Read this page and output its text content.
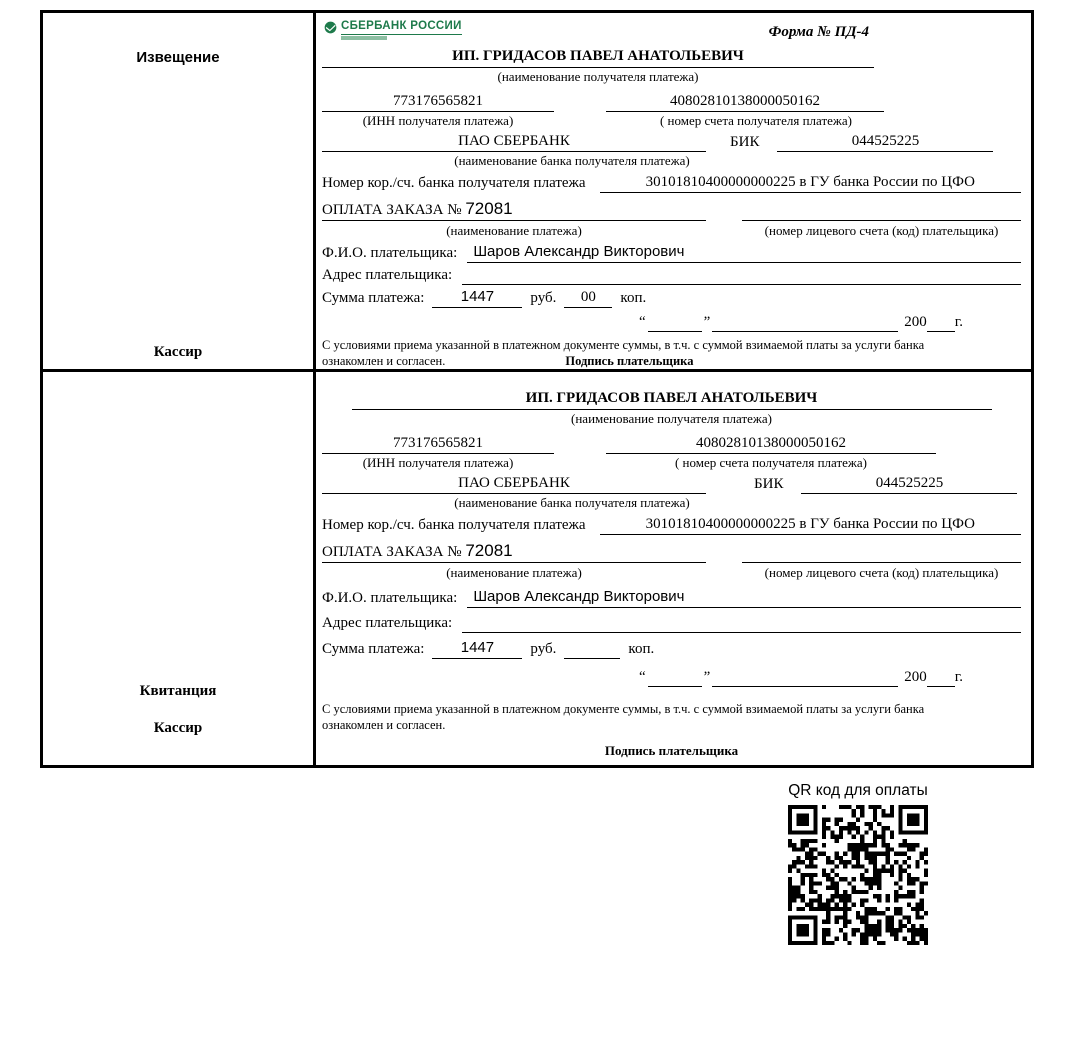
Извещение
Кассир
СБЕРБАНК РОССИИ	Форма № ПД-4
ИП. ГРИДАСОВ ПАВЕЛ АНАТОЛЬЕВИЧ
(наименование получателя платежа)
773176565821	40802810138000050162
(ИНН получателя платежа)	( номер счета получателя платежа)
ПАО СБЕРБАНК	БИК	044525225
(наименование банка получателя платежа)
Номер кор./сч. банка получателя платежа	30101810400000000225 в ГУ банка России по ЦФО
ОПЛАТА ЗАКАЗА № 72081
(наименование платежа)	(номер лицевого счета (код) плательщика)
Ф.И.О. плательщика:	Шаров Александр Викторович
Адрес плательщика:
Сумма платежа:	1447	руб.	00	коп.
“	”	200 г.
С условиями приема указанной в платежном документе суммы, в т.ч. с суммой взимаемой платы за услуги банка
ознакомлен и согласен.	Подпись плательщика
Квитанция
Кассир
ИП. ГРИДАСОВ ПАВЕЛ АНАТОЛЬЕВИЧ
(наименование получателя платежа)
773176565821	40802810138000050162
(ИНН получателя платежа)	( номер счета получателя платежа)
ПАО СБЕРБАНК	БИК	044525225
(наименование банка получателя платежа)
Номер кор./сч. банка получателя платежа	30101810400000000225 в ГУ банка России по ЦФО
ОПЛАТА ЗАКАЗА № 72081
(наименование платежа)	(номер лицевого счета (код) плательщика)
Ф.И.О. плательщика:	Шаров Александр Викторович
Адрес плательщика:
Сумма платежа:	1447	руб.	коп.
“	”	200 г.
С условиями приема указанной в платежном документе суммы, в т.ч. с суммой взимаемой платы за услуги банка
ознакомлен и согласен.
Подпись плательщика
QR код для оплаты
